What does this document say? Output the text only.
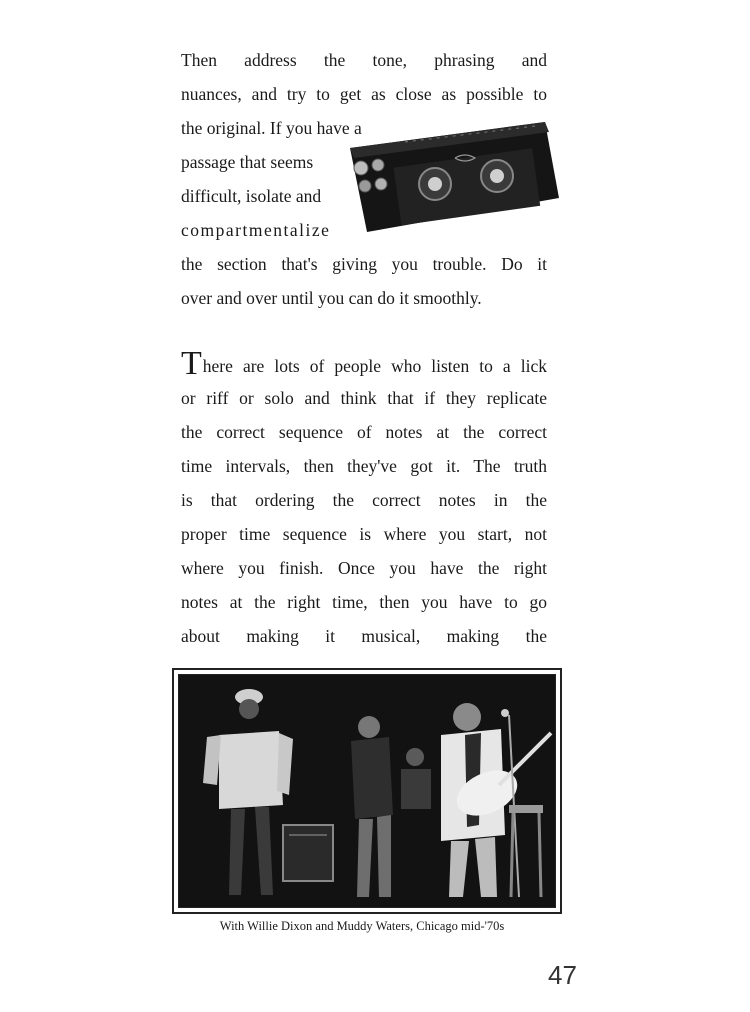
Then address the tone, phrasing and
nuances, and try to get as close as possible to
the original. If you have a
passage that seems
difficult, isolate and
compartmentalize
the section that's giving you trouble. Do it
over and over until you can do it smoothly.
There are lots of people who listen to a lick
or riff or solo and think that if they replicate
the correct sequence of notes at the correct
time intervals, then they've got it. The truth
is that ordering the correct notes in the
proper time sequence is where you start, not
where you finish. Once you have the right
notes at the right time, then you have to go
about making it musical, making the
With Willie Dixon and Muddy Waters, Chicago mid-'70s
47
